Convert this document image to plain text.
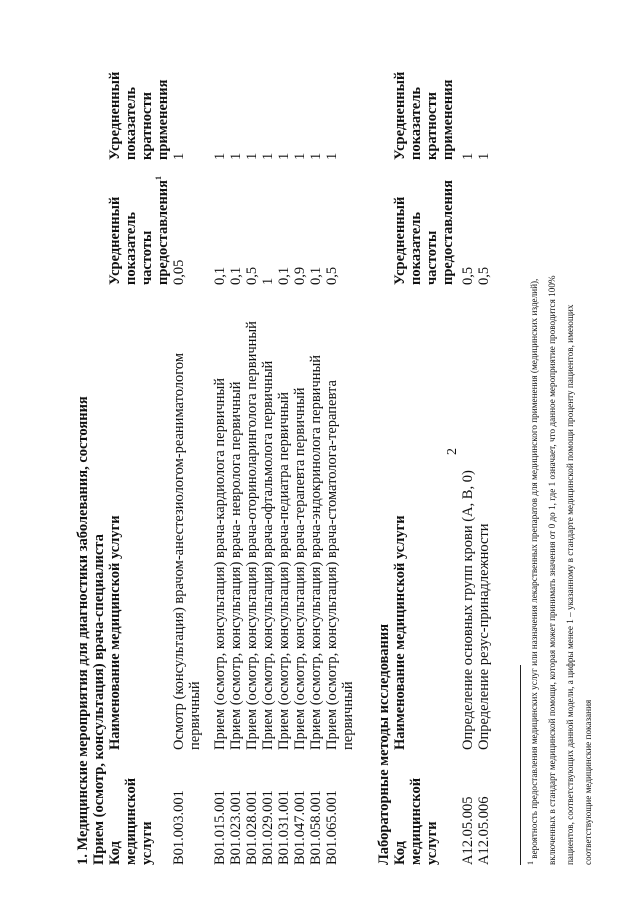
2
1. Медицинские мероприятия для диагностики заболевания, состояния Прием (осмотр, консультация) врача-специалиста Код медицинской услуги
Наименование медицинской услуги
Усредненный показатель частоты предоставления$^1$
Усредненный показатель кратности применения
B01.003.001
Осмотр (консультация) врачом-анестезиологом-реаниматологом первичный
0,05
1
B01.015.001
Прием (осмотр, консультация) врача-кардиолога первичный
0,1
1
B01.023.001
Прием (осмотр, консультация) врача- невролога первичный
0,1
1
B01.028.001
Прием (осмотр, консультация) врача-оториноларинголога первичный
0,5
1
B01.029.001
Прием (осмотр, консультация) врача-офтальмолога первичный
1
1
B01.031.001
Прием (осмотр, консультация) врача-педиатра первичный
0,1
1
B01.047.001
Прием (осмотр, консультация) врача-терапевта первичный
0,9
1
B01.058.001
Прием (осмотр, консультация) врача-эндокринолога первичный
0,1
1
B01.065.001
Прием (осмотр, консультация) врача-стоматолога-терапевта первичный
0,5
1
Лабораторные методы исследования Код медицинской услуги
Наименование медицинской услуги
Усредненный показатель частоты предоставления
Усредненный показатель кратности применения
A12.05.005
Определение основных групп крови (A, B, 0)
0,5
1
A12.05.006
Определение резус-принадлежности
0,5
1
$^1$ вероятность предоставления медицинских услуг или назначения лекарственных препаратов для медицинского применения (медицинских изделий), включенных в стандарт медицинской помощи, которая может принимать значения от 0 до 1, где 1 означает, что данное мероприятие проводится 100% пациентов, соответствующих данной модели, а цифры менее 1 – указанному в стандарте медицинской помощи проценту пациентов, имеющих соответствующие медицинские показания
